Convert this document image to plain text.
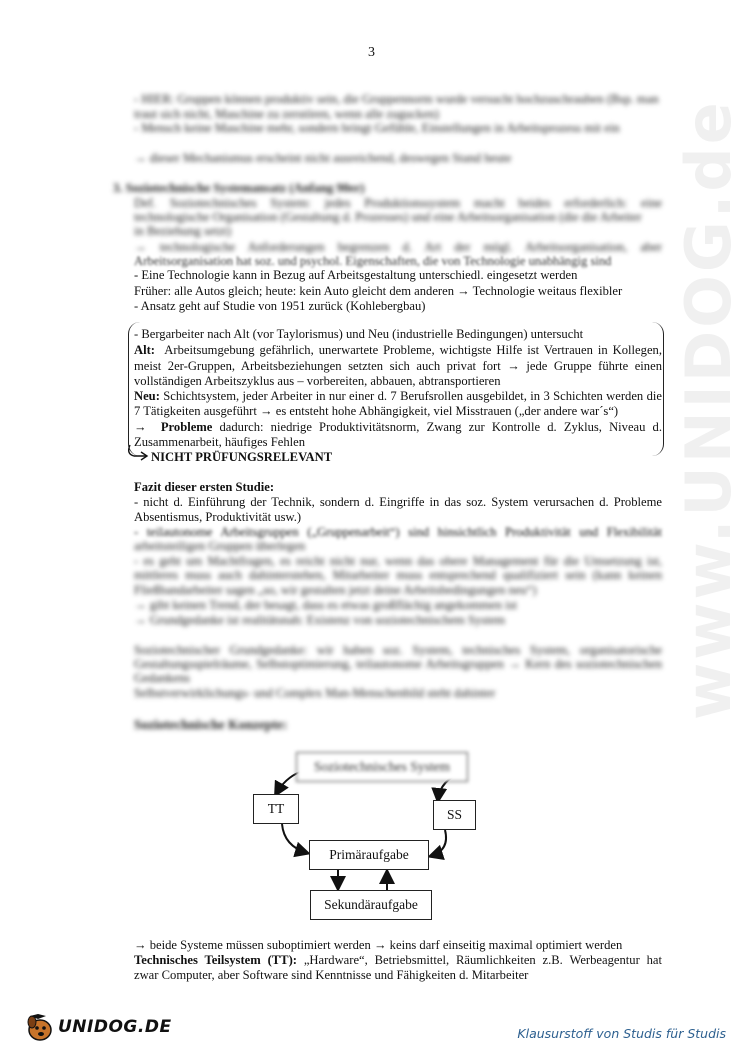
www.UNIDOG.de
3
- HIER: Gruppen können produktiv sein, die Gruppennorm wurde versucht hochzuschrauben (Bsp. man traut sich nicht, Maschine zu zerstören, wenn alle zugucken)
- Mensch keine Maschine mehr, sondern bringt Gefühle, Einstellungen in Arbeitsprozess mit ein
→ dieser Mechanismus erscheint nicht ausreichend, deswegen Stand heute
3. Soziotechnische Systemansatz (Anfang 90er)
Def. Soziotechnisches System: jedes Produktionssystem macht beides erforderlich: eine
technologische Organisation (Gestaltung d. Prozesses) und eine Arbeitsorganisation (die die Arbeiter
in Beziehung setzt)
→ technologische Anforderungen begrenzen d. Art der mögl. Arbeitsorganisation, aber
Arbeitsorganisation hat soz. und psychol. Eigenschaften, die von Technologie unabhängig sind
- Eine Technologie kann in Bezug auf Arbeitsgestaltung unterschiedl. eingesetzt werden
Früher: alle Autos gleich; heute: kein Auto gleicht dem anderen → Technologie weitaus flexibler
- Ansatz geht auf Studie von 1951 zurück (Kohlebergbau)
- Bergarbeiter nach Alt (vor Taylorismus) und Neu (industrielle Bedingungen) untersucht
Alt: Arbeitsumgebung gefährlich, unerwartete Probleme, wichtigste Hilfe ist Vertrauen in Kollegen,
meist 2er-Gruppen, Arbeitsbeziehungen setzten sich auch privat fort → jede Gruppe führte einen
vollständigen Arbeitszyklus aus – vorbereiten, abbauen, abtransportieren
Neu: Schichtsystem, jeder Arbeiter in nur einer d. 7 Berufsrollen ausgebildet, in 3 Schichten werden die
7 Tätigkeiten ausgeführt → es entsteht hohe Abhängigkeit, viel Misstrauen („der andere war´s“)
→ Probleme dadurch: niedrige Produktivitätsnorm, Zwang zur Kontrolle d. Zyklus, Niveau d.
Zusammenarbeit, häufiges Fehlen
NICHT PRÜFUNGSRELEVANT
Fazit dieser ersten Studie:
- nicht d. Einführung der Technik, sondern d. Eingriffe in das soz. System verursachen d. Probleme
Absentismus, Produktivität usw.)
- teilautonome Arbeitsgruppen („Gruppenarbeit“) sind hinsichtlich Produktivität und Flexibilität
arbeitsteiligen Gruppen überlegen
- es geht um Machtfragen, es reicht nicht nur, wenn das obere Management für die Umsetzung ist,
mittleres muss auch dahinterstehen, Mitarbeiter muss entsprechend qualifiziert sein (kann keinen
Fließbandarbeiter sagen „so, wir gestalten jetzt deine Arbeitsbedingungen neu“)
→ gibt keinen Trend, der besagt, dass es etwas großflächig angekommen ist
→ Grundgedanke ist realitätsnah: Existenz von soziotechnischem System
Soziotechnischer Grundgedanke: wir haben soz. System, technisches System, organisatorische
Gestaltungsspielräume, Selbstoptimierung, teilautonome Arbeitsgruppen → Kern des soziotechnischen
Gedankens
Selbstverwirklichungs- und Complex Man-Menschenbild steht dahinter
Soziotechnische Konzepte:
Soziotechnisches System
TT	SS
Primäraufgabe
Sekundäraufgabe
→ beide Systeme müssen suboptimiert werden → keins darf einseitig maximal optimiert werden
Technisches Teilsystem (TT): „Hardware“, Betriebsmittel, Räumlichkeiten z.B. Werbeagentur hat
zwar Computer, aber Software sind Kenntnisse und Fähigkeiten d. Mitarbeiter
UNIDOG.DE	Klausurstoff von Studis für Studis
